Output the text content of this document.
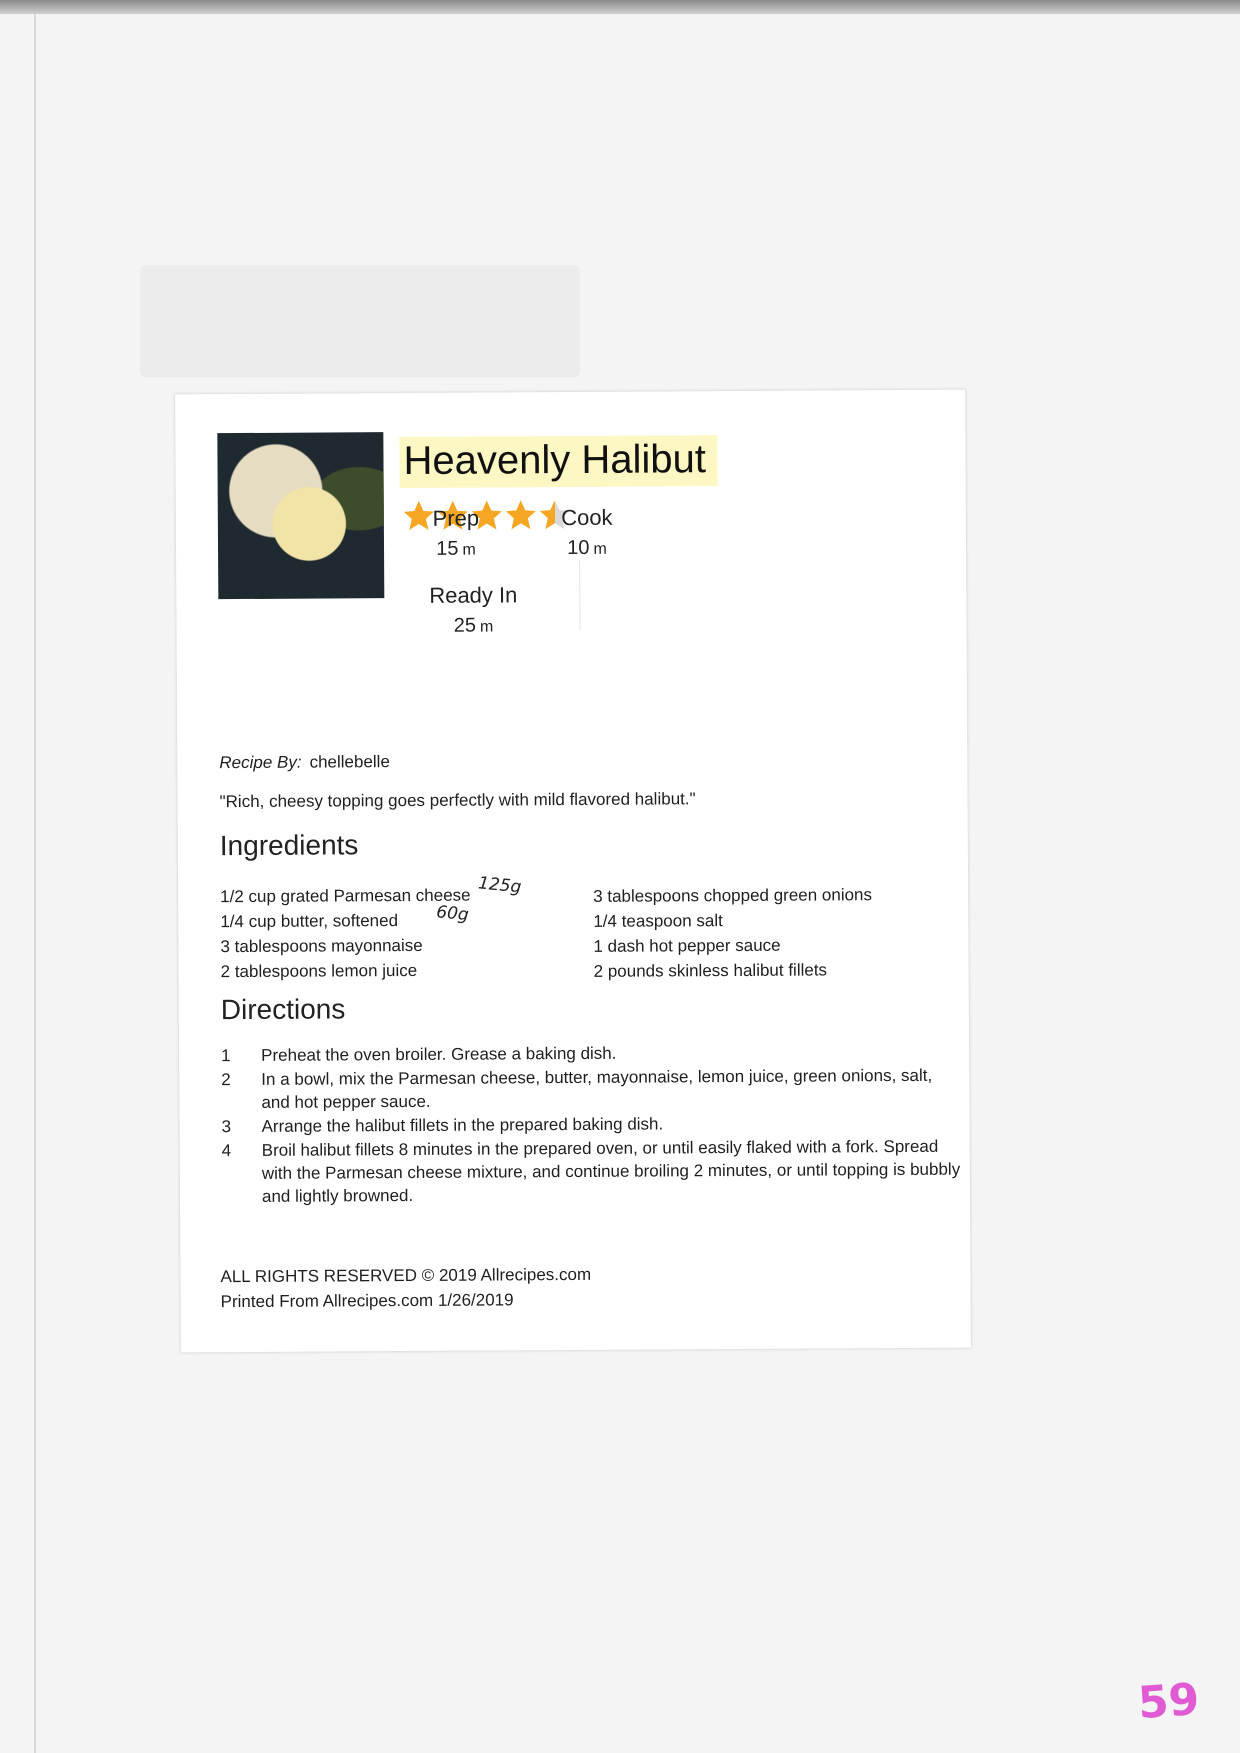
Heavenly Halibut
Prep
15 m
Cook
10 m
Ready In
25 m
Recipe By: chellebelle
"Rich, cheesy topping goes perfectly with mild flavored halibut."
Ingredients
1/2 cup grated Parmesan cheese
1/4 cup butter, softened
3 tablespoons mayonnaise
2 tablespoons lemon juice
3 tablespoons chopped green onions
1/4 teaspoon salt
1 dash hot pepper sauce
2 pounds skinless halibut fillets
125g
60g
Directions
1	Preheat the oven broiler. Grease a baking dish.
2	In a bowl, mix the Parmesan cheese, butter, mayonnaise, lemon juice, green onions, salt, and hot pepper sauce.
3	Arrange the halibut fillets in the prepared baking dish.
4	Broil halibut fillets 8 minutes in the prepared oven, or until easily flaked with a fork. Spread with the Parmesan cheese mixture, and continue broiling 2 minutes, or until topping is bubbly and lightly browned.
ALL RIGHTS RESERVED © 2019 Allrecipes.com
Printed From Allrecipes.com 1/26/2019
59
